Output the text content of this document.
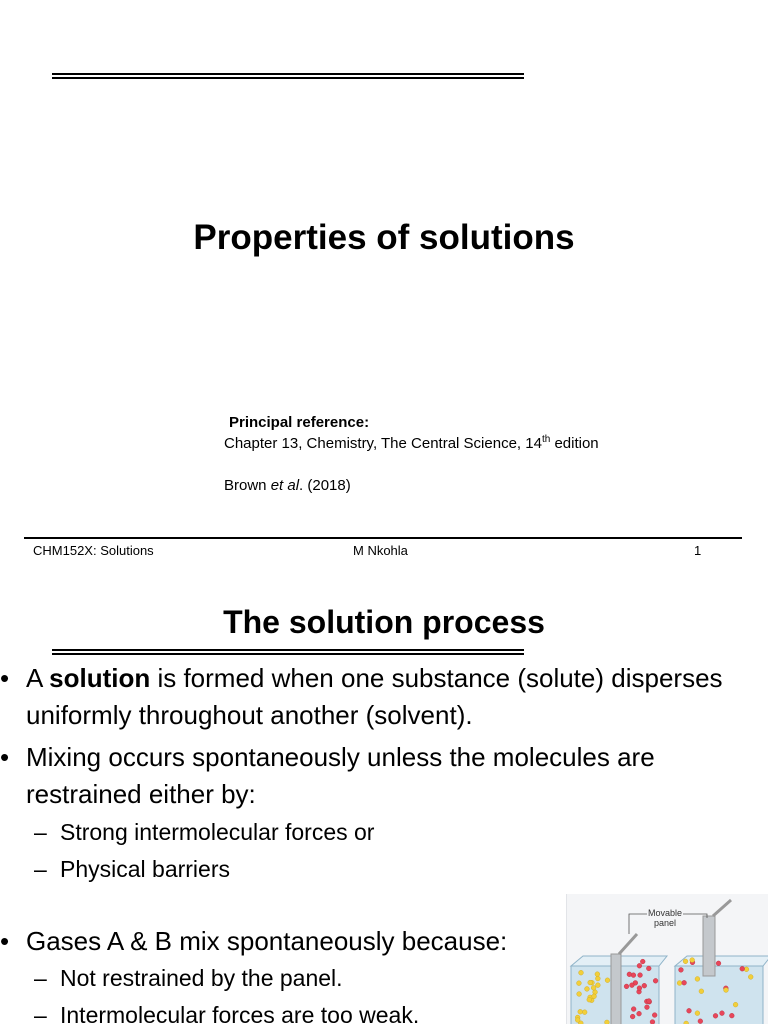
Properties of solutions
Principal reference:
Chapter 13, Chemistry, The Central Science, 14th edition
Brown et al. (2018)
CHM152X: Solutions	M Nkohla	1
The solution process
• A solution is formed when one substance (solute) disperses uniformly throughout another (solvent).
• Mixing occurs spontaneously unless the molecules are restrained either by:
– Strong intermolecular forces or
– Physical barriers
• Gases A & B mix spontaneously because:
– Not restrained by the panel.
– Intermolecular forces are too weak.
Movable
panel
